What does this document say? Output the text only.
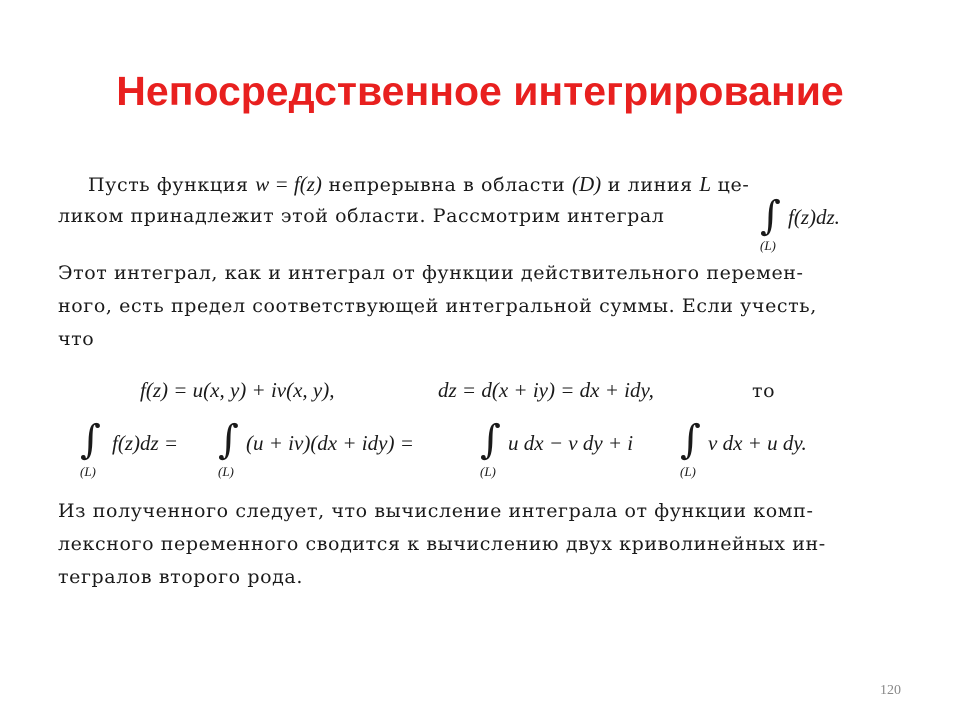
Непосредственное интегрирование
Пусть функция w = f(z) непрерывна в области (D) и линия L це-
ликом принадлежит этой области. Рассмотрим интеграл ∫
(L)
f(z)dz.
Этот интеграл, как и интеграл от функции действительного перемен-
ного, есть предел соответствующей интегральной суммы. Если учесть,
что
f(z) = u(x, y) + iv(x, y),	dz = d(x + iy) = dx + idy,	то
∫
(L)
f(z)dz = ∫
(L)
(u + iv)(dx + idy) = ∫
(L)
u dx − v dy + i ∫
(L)
v dx + u dy.
Из полученного следует, что вычисление интеграла от функции комп-
лексного переменного сводится к вычислению двух криволинейных ин-
тегралов второго рода.
120
